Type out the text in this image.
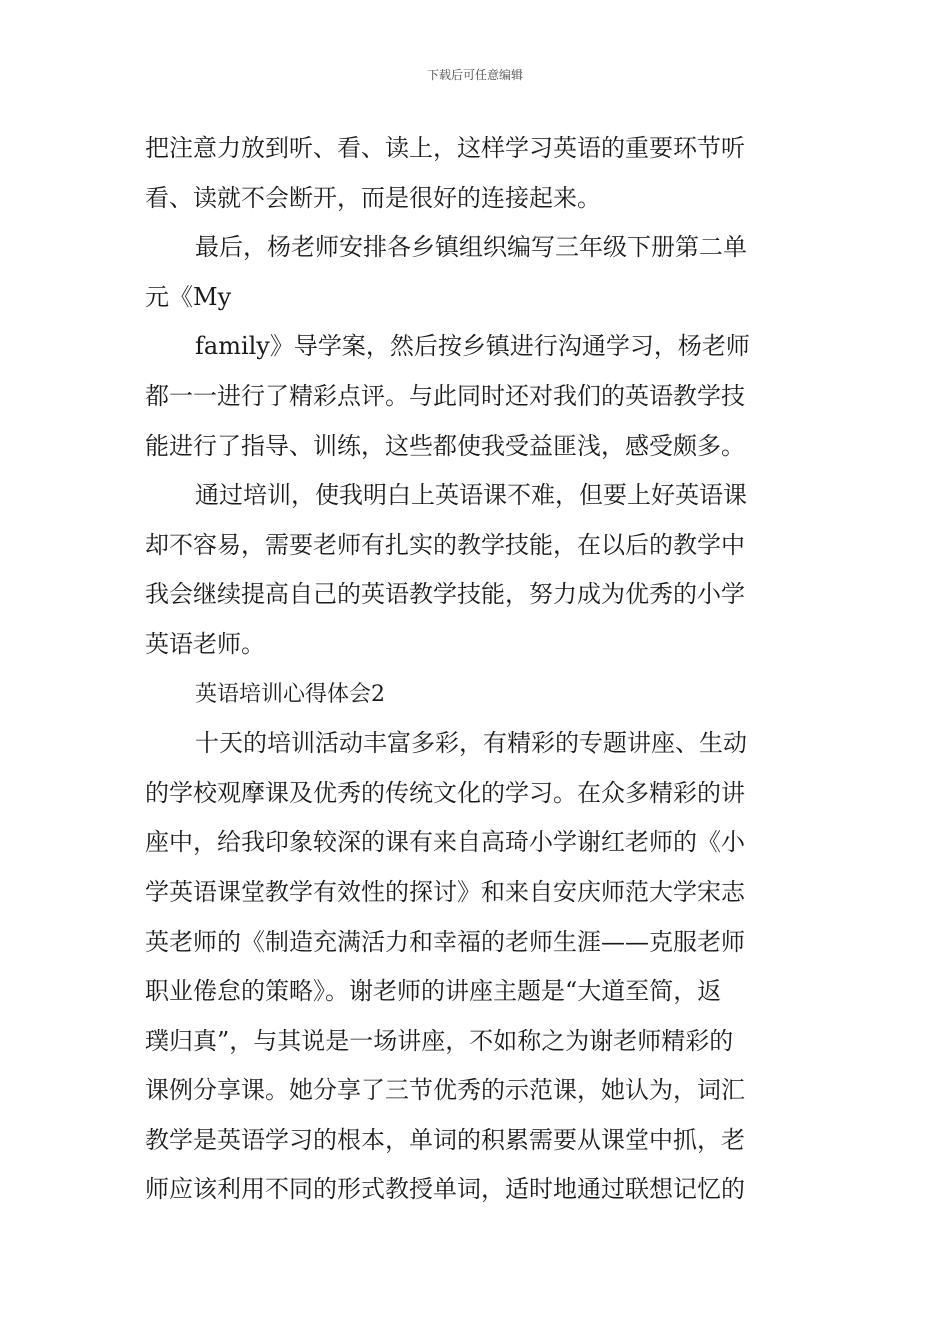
下载后可任意编辑
把注意力放到听、看、读上，这样学习英语的重要环节听
看、读就不会断开，而是很好的连接起来。
最后，杨老师安排各乡镇组织编写三年级下册第二单
元《My
family》导学案，然后按乡镇进行沟通学习，杨老师
都一一进行了精彩点评。与此同时还对我们的英语教学技
能进行了指导、训练，这些都使我受益匪浅，感受颇多。
通过培训，使我明白上英语课不难，但要上好英语课
却不容易，需要老师有扎实的教学技能，在以后的教学中
我会继续提高自己的英语教学技能，努力成为优秀的小学
英语老师。
英语培训心得体会2
十天的培训活动丰富多彩，有精彩的专题讲座、生动
的学校观摩课及优秀的传统文化的学习。在众多精彩的讲
座中，给我印象较深的课有来自高琦小学谢红老师的《小
学英语课堂教学有效性的探讨》和来自安庆师范大学宋志
英老师的《制造充满活力和幸福的老师生涯——克服老师
职业倦怠的策略》。谢老师的讲座主题是“大道至简，返
璞归真”，与其说是一场讲座，不如称之为谢老师精彩的
课例分享课。她分享了三节优秀的示范课，她认为，词汇
教学是英语学习的根本，单词的积累需要从课堂中抓，老
师应该利用不同的形式教授单词，适时地通过联想记忆的
